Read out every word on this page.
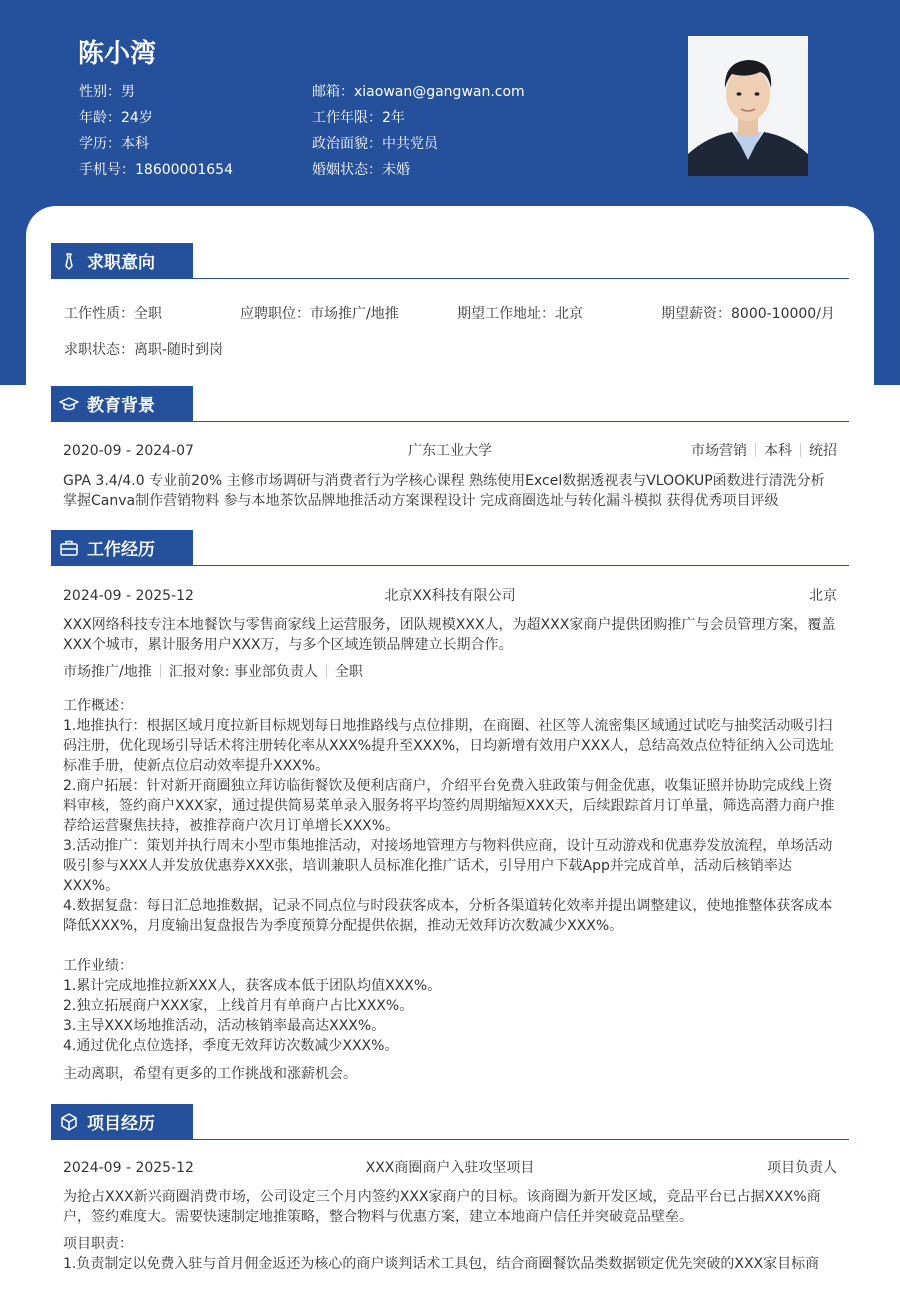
陈小湾
性别：男
年龄：24岁
学历：本科
手机号：18600001654
邮箱：xiaowan@gangwan.com
工作年限：2年
政治面貌：中共党员
婚姻状态：未婚
求职意向
工作性质：全职	应聘职位：市场推广/地推	期望工作地址：北京	期望薪资：8000-10000/月
求职状态：离职-随时到岗
教育背景
2020-09 - 2024-07	广东工业大学	市场营销 本科 统招
GPA 3.4/4.0 专业前20% 主修市场调研与消费者行为学核心课程 熟练使用Excel数据透视表与VLOOKUP函数进行清洗分析 掌握Canva制作营销物料 参与本地茶饮品牌地推活动方案课程设计 完成商圈选址与转化漏斗模拟 获得优秀项目评级
工作经历
2024-09 - 2025-12	北京XX科技有限公司	北京
XXX网络科技专注本地餐饮与零售商家线上运营服务，团队规模XXX人，为超XXX家商户提供团购推广与会员管理方案，覆盖XXX个城市，累计服务用户XXX万，与多个区域连锁品牌建立长期合作。
市场推广/地推 汇报对象: 事业部负责人 全职
工作概述：
1.地推执行：根据区域月度拉新目标规划每日地推路线与点位排期，在商圈、社区等人流密集区域通过试吃与抽奖活动吸引扫码注册，优化现场引导话术将注册转化率从XXX%提升至XXX%，日均新增有效用户XXX人，总结高效点位特征纳入公司选址标准手册，使新点位启动效率提升XXX%。
2.商户拓展：针对新开商圈独立拜访临街餐饮及便利店商户，介绍平台免费入驻政策与佣金优惠，收集证照并协助完成线上资料审核，签约商户XXX家，通过提供简易菜单录入服务将平均签约周期缩短XXX天，后续跟踪首月订单量，筛选高潜力商户推荐给运营聚焦扶持，被推荐商户次月订单增长XXX%。
3.活动推广：策划并执行周末小型市集地推活动，对接场地管理方与物料供应商，设计互动游戏和优惠券发放流程，单场活动吸引参与XXX人并发放优惠券XXX张，培训兼职人员标准化推广话术，引导用户下载App并完成首单，活动后核销率达XXX%。
4.数据复盘：每日汇总地推数据，记录不同点位与时段获客成本，分析各渠道转化效率并提出调整建议，使地推整体获客成本降低XXX%，月度输出复盘报告为季度预算分配提供依据，推动无效拜访次数减少XXX%。
工作业绩：
1.累计完成地推拉新XXX人，获客成本低于团队均值XXX%。
2.独立拓展商户XXX家，上线首月有单商户占比XXX%。
3.主导XXX场地推活动，活动核销率最高达XXX%。
4.通过优化点位选择，季度无效拜访次数减少XXX%。
主动离职，希望有更多的工作挑战和涨薪机会。
项目经历
2024-09 - 2025-12	XXX商圈商户入驻攻坚项目	项目负责人
为抢占XXX新兴商圈消费市场，公司设定三个月内签约XXX家商户的目标。该商圈为新开发区域，竞品平台已占据XXX%商户，签约难度大。需要快速制定地推策略，整合物料与优惠方案，建立本地商户信任并突破竞品壁垒。
项目职责：
1.负责制定以免费入驻与首月佣金返还为核心的商户谈判话术工具包，结合商圈餐饮品类数据锁定优先突破的XXX家目标商
